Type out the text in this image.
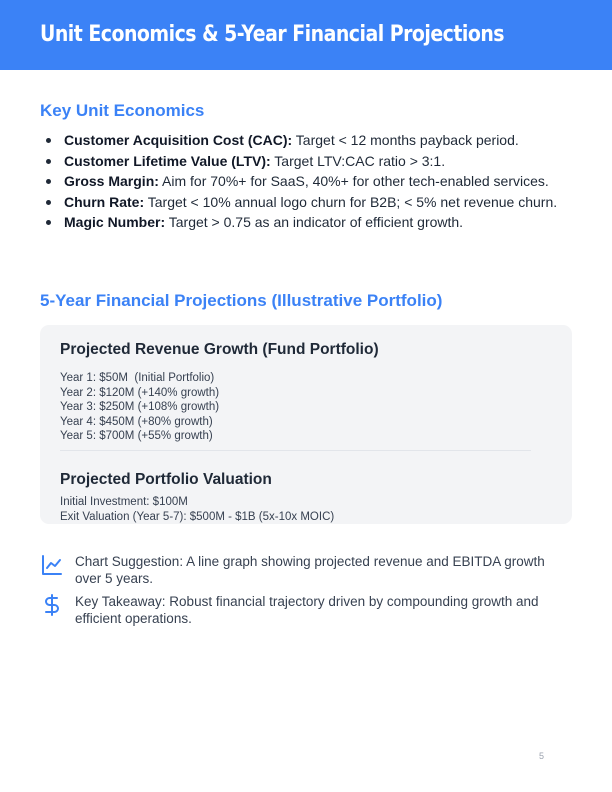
Unit Economics & 5-Year Financial Projections
Key Unit Economics
Customer Acquisition Cost (CAC): Target < 12 months payback period.
Customer Lifetime Value (LTV): Target LTV:CAC ratio > 3:1.
Gross Margin: Aim for 70%+ for SaaS, 40%+ for other tech-enabled services.
Churn Rate: Target < 10% annual logo churn for B2B; < 5% net revenue churn.
Magic Number: Target > 0.75 as an indicator of efficient growth.
5-Year Financial Projections (Illustrative Portfolio)
Projected Revenue Growth (Fund Portfolio)
Year 1: $50M  (Initial Portfolio)
Year 2: $120M (+140% growth)
Year 3: $250M (+108% growth)
Year 4: $450M (+80% growth)
Year 5: $700M (+55% growth)
Projected Portfolio Valuation
Initial Investment: $100M
Exit Valuation (Year 5-7): $500M - $1B (5x-10x MOIC)
Chart Suggestion: A line graph showing projected revenue and EBITDA growth over 5 years.
Key Takeaway: Robust financial trajectory driven by compounding growth and efficient operations.
5
